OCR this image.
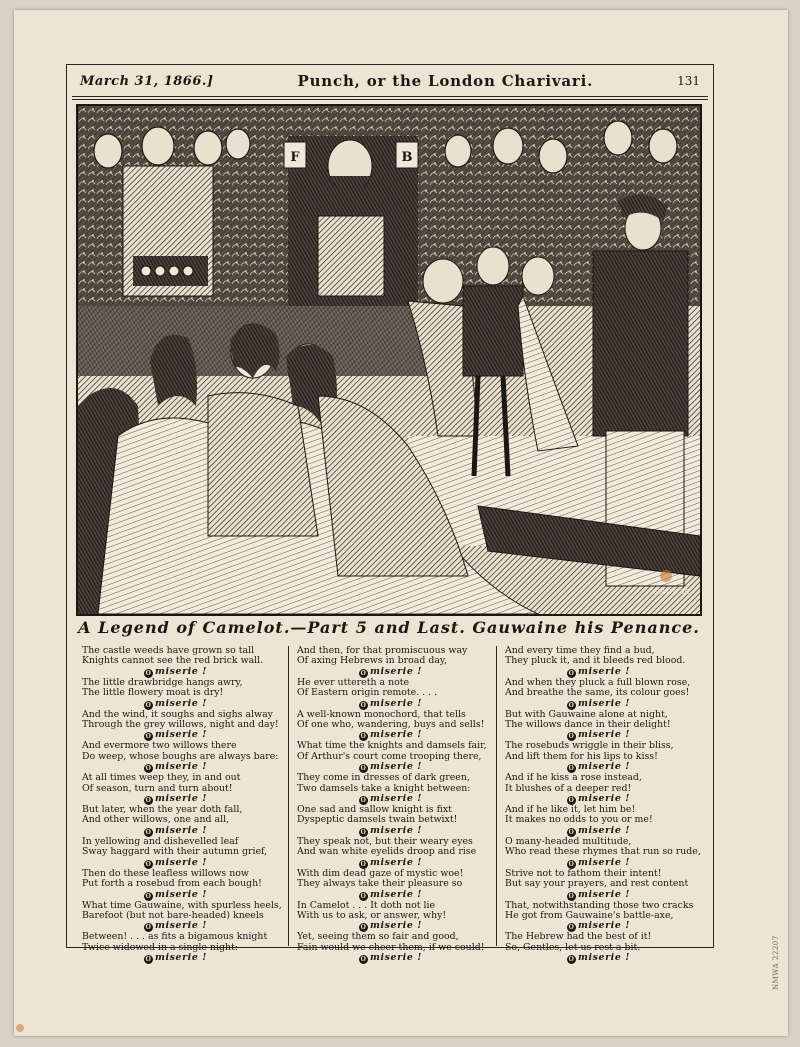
March 31, 1866.]	Punch, or the London Charivari.	131
F	B
SWAIN SC
A Legend of Camelot.—Part 5 and Last. Gauwaine his Penance.
The castle weeds have grown so tall
Knights cannot see the red brick wall.
O miserie !
The little drawbridge hangs awry,
The little flowery moat is dry!
O miserie !
And the wind, it soughs and sighs alway
Through the grey willows, night and day!
O miserie !
And evermore two willows there
Do weep, whose boughs are always bare:
O miserie !
At all times weep they, in and out
Of season, turn and turn about!
O miserie !
But later, when the year doth fall,
And other willows, one and all,
O miserie !
In yellowing and dishevelled leaf
Sway haggard with their autumn grief,
O miserie !
Then do these leafless willows now
Put forth a rosebud from each bough!
O miserie !
What time Gauwaine, with spurless heels,
Barefoot (but not bare-headed) kneels
O miserie !
Between! . . . as fits a bigamous knight
Twice widowed in a single night:
O miserie !
And then, for that promiscuous way
Of axing Hebrews in broad day,
O miserie !
He ever uttereth a note
Of Eastern origin remote. . . .
O miserie !
A well-known monochord, that tells
Of one who, wandering, buys and sells!
O miserie !
What time the knights and damsels fair,
Of Arthur's court come trooping there,
O miserie !
They come in dresses of dark green,
Two damsels take a knight between:
O miserie !
One sad and sallow knight is fixt
Dyspeptic damsels twain betwixt!
O miserie !
They speak not, but their weary eyes
And wan white eyelids droop and rise
O miserie !
With dim dead gaze of mystic woe!
They always take their pleasure so
O miserie !
In Camelot . . . It doth not lie
With us to ask, or answer, why!
O miserie !
Yet, seeing them so fair and good,
Fain would we cheer them, if we could!
O miserie !
And every time they find a bud,
They pluck it, and it bleeds red blood.
O miserie !
And when they pluck a full blown rose,
And breathe the same, its colour goes!
O miserie !
But with Gauwaine alone at night,
The willows dance in their delight!
O miserie !
The rosebuds wriggle in their bliss,
And lift them for his lips to kiss!
O miserie !
And if he kiss a rose instead,
It blushes of a deeper red!
O miserie !
And if he like it, let him be!
It makes no odds to you or me!
O miserie !
O many-headed multitude,
Who read these rhymes that run so rude,
O miserie !
Strive not to fathom their intent!
But say your prayers, and rest content
O miserie !
That, notwithstanding those two cracks
He got from Gauwaine's battle-axe,
O miserie !
The Hebrew had the best of it!
So, Gentles, let us rest a bit.
O miserie !	NMWA 22207
